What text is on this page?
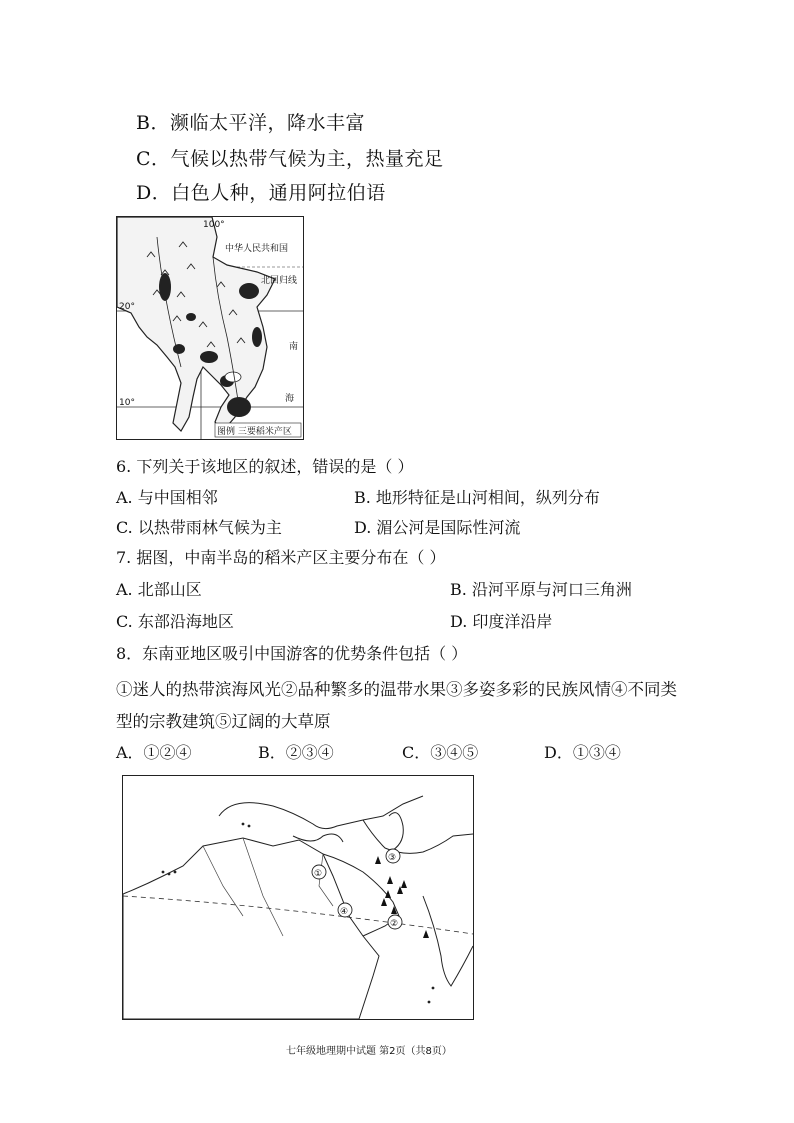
B．濒临太平洋，降水丰富
C．气候以热带气候为主，热量充足
D．白色人种，通用阿拉伯语
100°
20°
10°
中华人民共和国
北回归线
南
海
图例 三要稻米产区
6. 下列关于该地区的叙述，错误的是（ ）
A. 与中国相邻	B. 地形特征是山河相间，纵列分布
C. 以热带雨林气候为主	D. 湄公河是国际性河流
7. 据图，中南半岛的稻米产区主要分布在（ ）
A. 北部山区	B. 沿河平原与河口三角洲
C. 东部沿海地区	D. 印度洋沿岸
8．东南亚地区吸引中国游客的优势条件包括（ ）
①迷人的热带滨海风光②品种繁多的温带水果③多姿多彩的民族风情④不同类
型的宗教建筑⑤辽阔的大草原
A．①②④	B．②③④	C．③④⑤	D．①③④
①
②
③
④
七年级地理期中试题 第2页（共8页）
